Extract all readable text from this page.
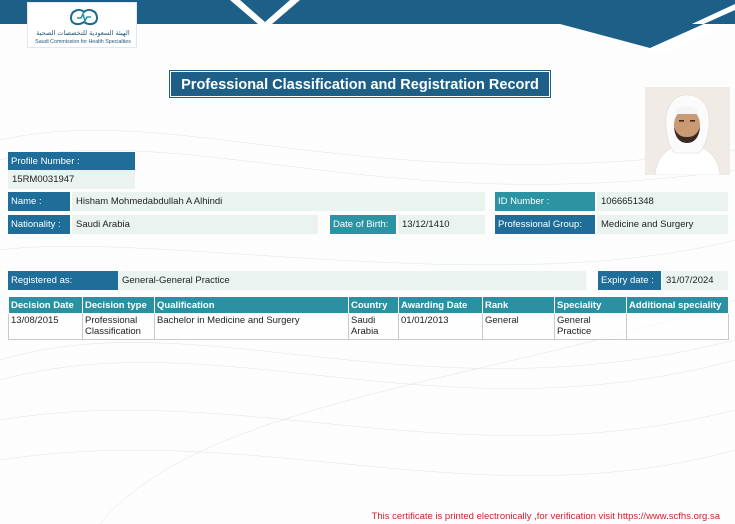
الهيئة السعودية للتخصصات الصحية
Saudi Commission for Health Specialties
Professional Classification and Registration Record
Profile Number :
15RM0031947
Name :	Hisham Mohmedabdullah A Alhindi	ID Number :	1066651348
Nationality :	Saudi Arabia	Date of Birth:	13/12/1410	Professional Group:	Medicine and Surgery
Registered as:	General-General Practice	Expiry date :	31/07/2024
Decision Date	Decision type	Qualification	Country	Awarding Date	Rank	Speciality	Additional speciality
13/08/2015	Professional Classification	Bachelor in Medicine and Surgery	Saudi Arabia	01/01/2013	General	General Practice	
This certificate is printed electronically ,for verification visit https://www.scfhs.org.sa
